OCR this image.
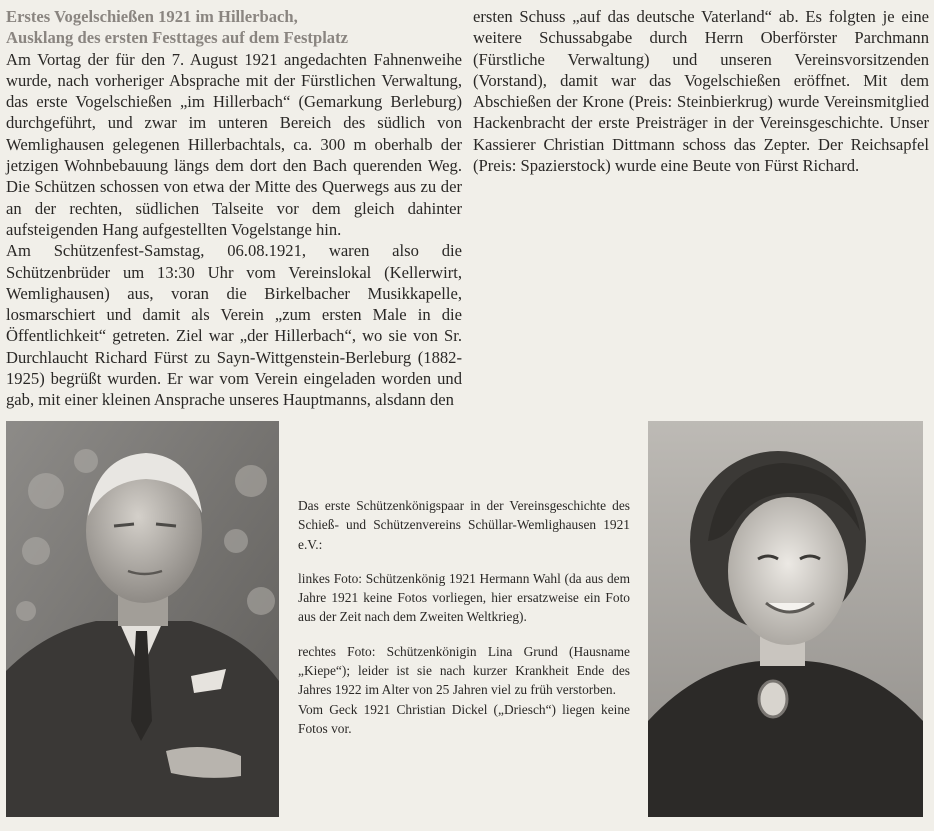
Erstes Vogelschießen 1921 im Hillerbach,
Ausklang des ersten Festtages auf dem Festplatz

Am Vortag der für den 7. August 1921 angedachten Fahnenweihe wurde, nach vorheriger Absprache mit der Fürstlichen Verwaltung, das erste Vogelschießen „im Hillerbach“ (Gemarkung Berleburg) durchgeführt, und zwar im unteren Bereich des südlich von Wemlighausen gelegenen Hillerbachtals, ca. 300 m oberhalb der jetzigen Wohnbebauung längs dem dort den Bach querenden Weg. Die Schützen schossen von etwa der Mitte des Querwegs aus zu der an der rechten, südlichen Talseite vor dem gleich dahinter aufsteigenden Hang aufgestellten Vogelstange hin.

Am Schützenfest-Samstag, 06.08.1921, waren also die Schützenbrüder um 13:30 Uhr vom Vereinslokal (Kellerwirt, Wemlighausen) aus, voran die Birkelbacher Musikkapelle, losmarschiert und damit als Verein „zum ersten Male in die Öffentlichkeit“ getreten. Ziel war „der Hillerbach“, wo sie von Sr. Durchlaucht Richard Fürst zu Sayn-Wittgenstein-Berleburg (1882-1925) begrüßt wurden. Er war vom Verein eingeladen worden und gab, mit einer kleinen Ansprache unseres Hauptmanns, alsdann den

ersten Schuss „auf das deutsche Vaterland“ ab. Es folgten je eine weitere Schussabgabe durch Herrn Oberförster Parchmann (Fürstliche Verwaltung) und unseren Vereinsvorsitzenden (Vorstand), damit war das Vogelschießen eröffnet. Mit dem Abschießen der Krone (Preis: Steinbierkrug) wurde Vereinsmitglied Hackenbracht der erste Preisträger in der Vereinsgeschichte. Unser Kassierer Christian Dittmann schoss das Zepter. Der Reichsapfel (Preis: Spazierstock) wurde eine Beute von Fürst Richard.

Das erste Schützenkönigspaar in der Vereinsgeschichte des Schieß- und Schützenvereins Schüllar-Wemlighausen 1921 e.V.:

linkes Foto: Schützenkönig 1921 Hermann Wahl (da aus dem Jahre 1921 keine Fotos vorliegen, hier ersatzweise ein Foto aus der Zeit nach dem Zweiten Weltkrieg).

rechtes Foto: Schützenkönigin Lina Grund (Hausname „Kiepe“); leider ist sie nach kurzer Krankheit Ende des Jahres 1922 im Alter von 25 Jahren viel zu früh verstorben.

Vom Geck 1921 Christian Dickel („Driesch“) liegen keine Fotos vor.
